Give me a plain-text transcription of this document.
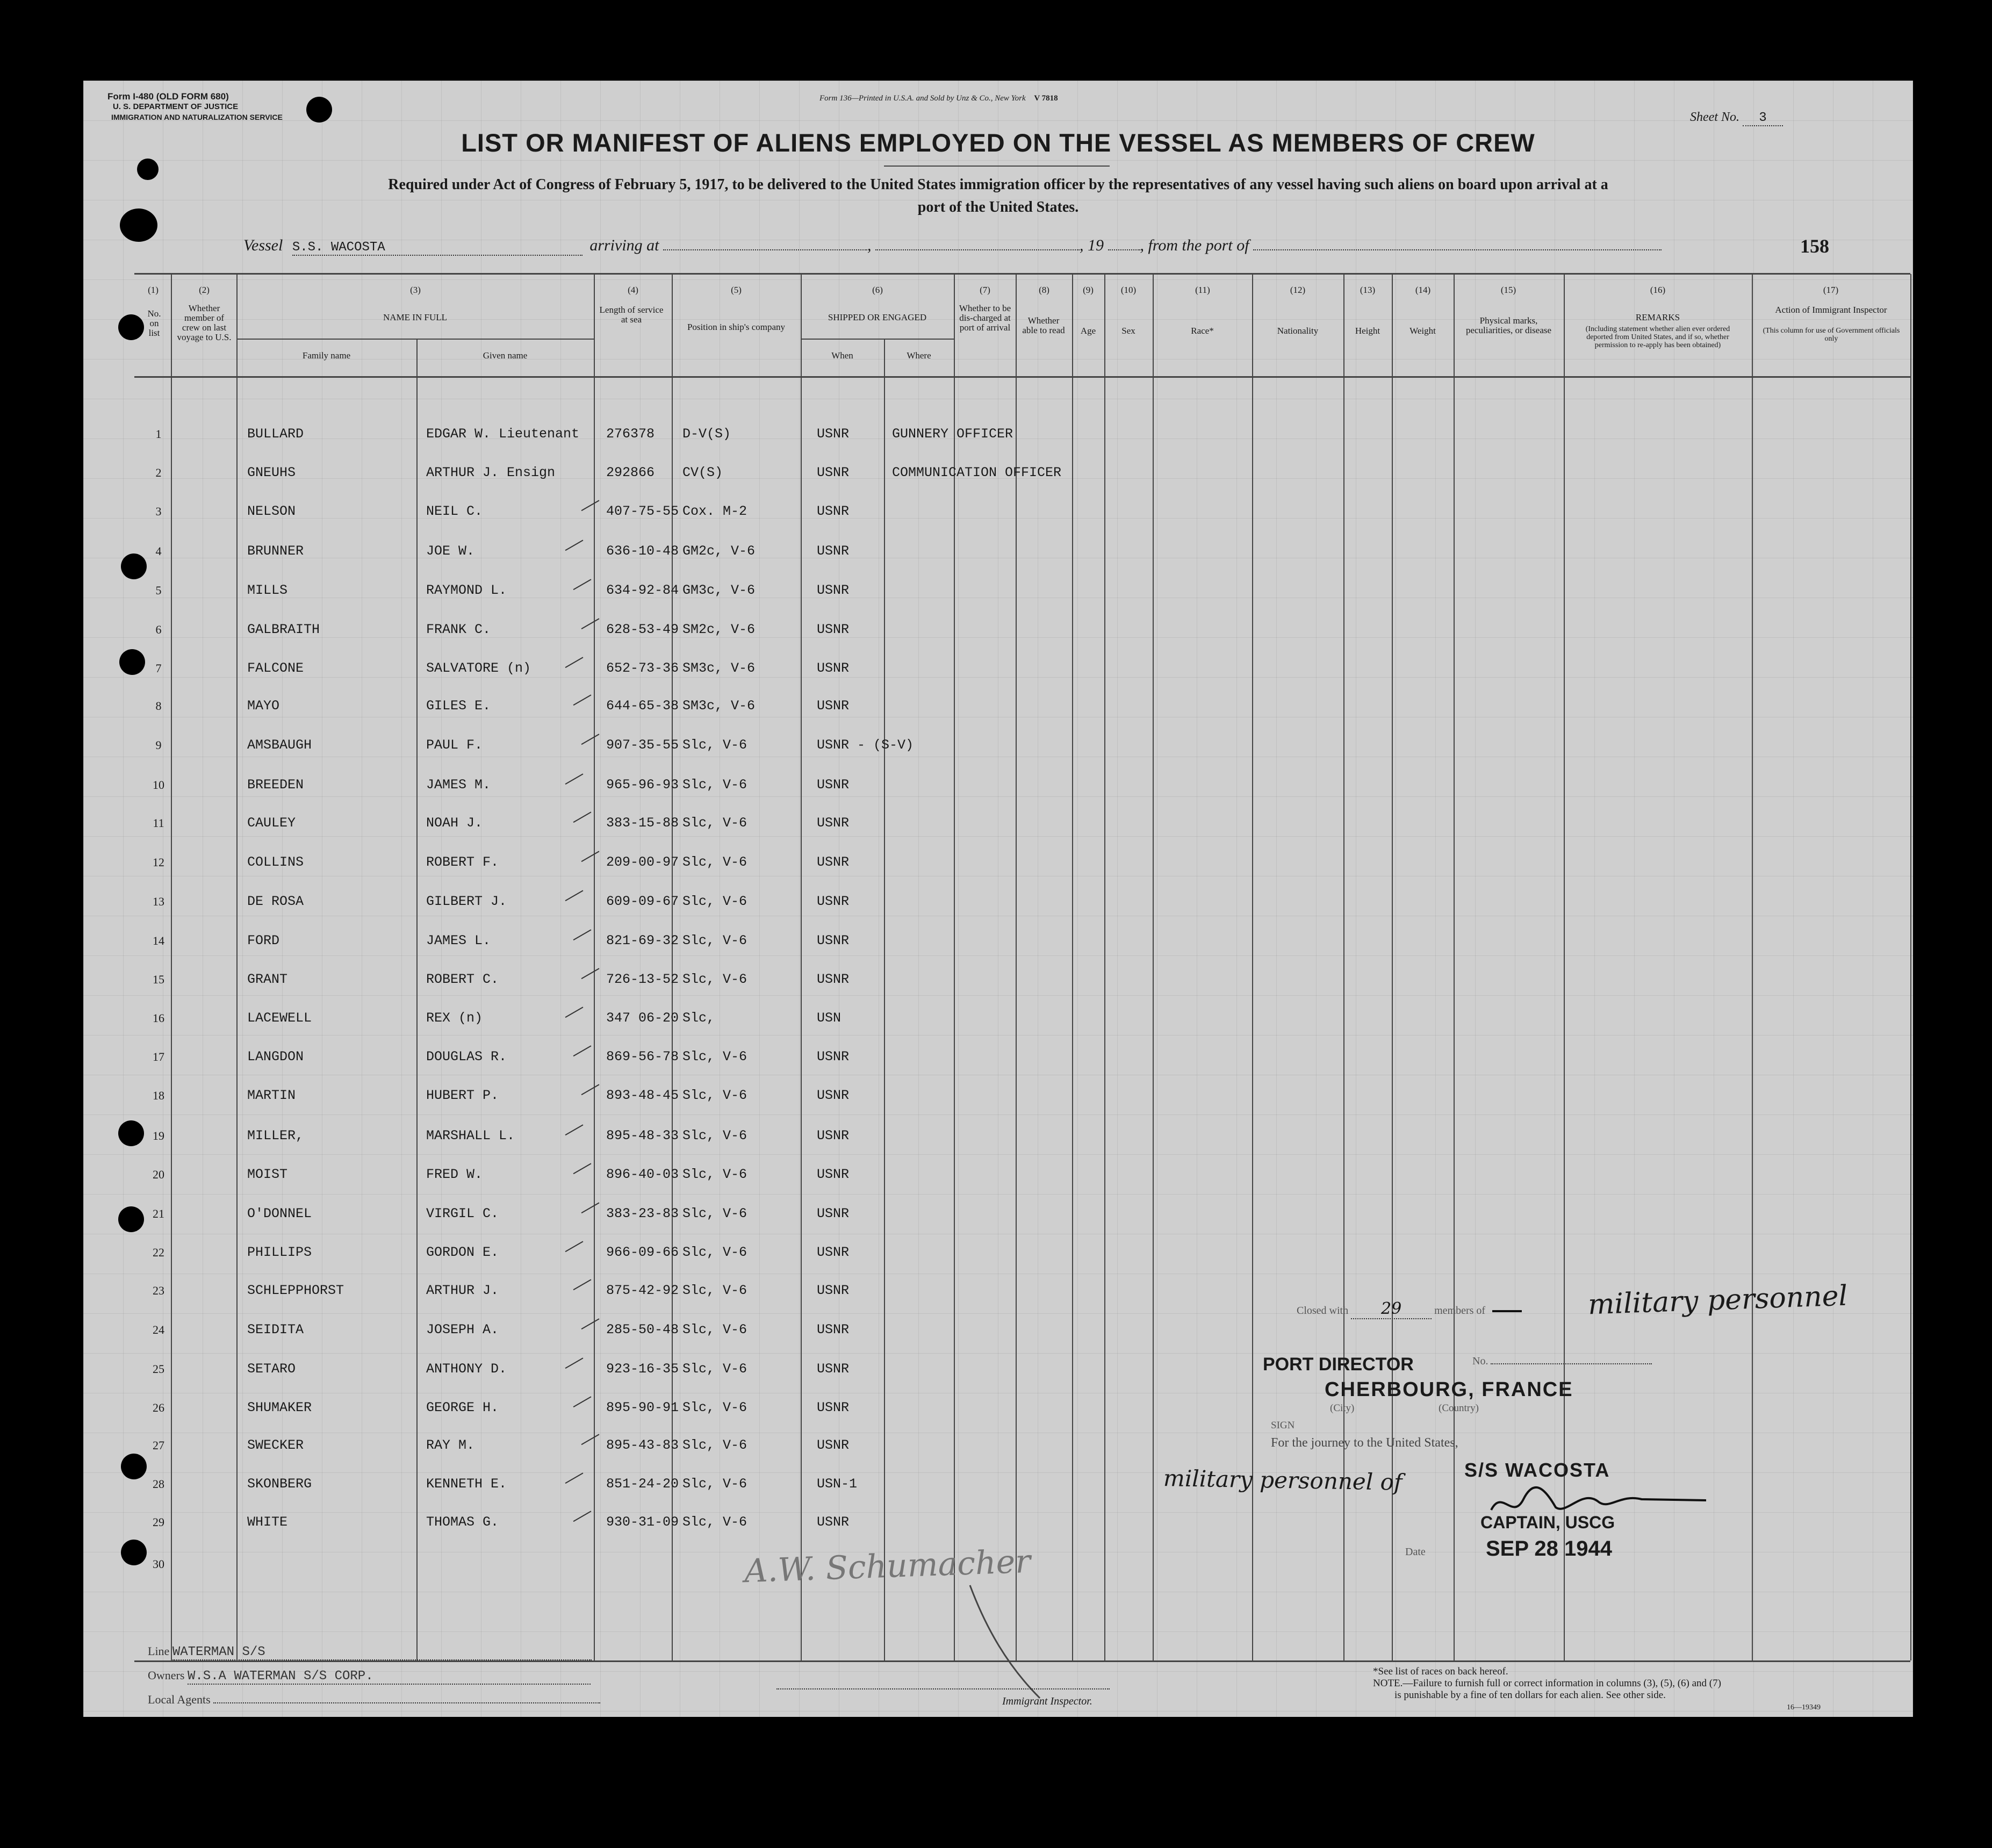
Form I-480 (OLD FORM 680)
U. S. DEPARTMENT OF JUSTICE
IMMIGRATION AND NATURALIZATION SERVICE
Form 136—Printed in U.S.A. and Sold by Unz & Co., New York V 7818
Sheet No. 3
LIST OR MANIFEST OF ALIENS EMPLOYED ON THE VESSEL AS MEMBERS OF CREW
Required under Act of Congress of February 5, 1917, to be delivered to the United States immigration officer by the representatives of any vessel having such aliens on board upon arrival at a
port of the United States.
Vessel S.S. WACOSTA	arriving at	,	, 19 , from the port of	158
(1)	(2)	(3)	(4)	(5)	(6)	(7)	(8)	(9)	(10)	(11)	(12)	(13)	(14)	(15)	(16)	(17)
No. on list
Whether member of crew on last voyage to U.S.
NAME IN FULL
Family name	Given name
Length of service at sea
Position in ship's company
SHIPPED OR ENGAGED
When	Where
Whether to be dis-charged at port of arrival
Whether able to read	Age	Sex	Race*	Nationality	Height	Weight
Physical marks, peculiarities, or disease
REMARKS
(Including statement whether alien ever ordered deported from United States, and if so, whether permission to re-apply has been obtained)
Action of Immigrant Inspector
(This column for use of Government officials only
1	BULLARD	EDGAR W. Lieutenant 276378 D-V(S)	USNR	GUNNERY OFFICER
2	GNEUHS	ARTHUR J. Ensign	292866 CV(S)	USNR	COMMUNICATION OFFICER
3	NELSON	NEIL C.	407-75-55 Cox. M-2	USNR
4	BRUNNER	JOE W.	636-10-48 GM2c, V-6	USNR
5	MILLS	RAYMOND L.	634-92-84 GM3c, V-6	USNR
6	GALBRAITH	FRANK C.	628-53-49 SM2c, V-6	USNR
7	FALCONE	SALVATORE (n)	652-73-36 SM3c, V-6	USNR
8	MAYO	GILES E.	644-65-38 SM3c, V-6	USNR
9	AMSBAUGH	PAUL F.	907-35-55 Slc, V-6	USNR - (S-V)
10	BREEDEN	JAMES M.	965-96-93 Slc, V-6	USNR
11	CAULEY	NOAH J.	383-15-88 Slc, V-6	USNR
12	COLLINS	ROBERT F.	209-00-97 Slc, V-6	USNR
13	DE ROSA	GILBERT J.	609-09-67 Slc, V-6	USNR
14	FORD	JAMES L.	821-69-32 Slc, V-6	USNR
15	GRANT	ROBERT C.	726-13-52 Slc, V-6	USNR
16	LACEWELL	REX (n)	347 06-20 Slc,	USN
17	LANGDON	DOUGLAS R.	869-56-78 Slc, V-6	USNR
18	MARTIN	HUBERT P.	893-48-45 Slc, V-6	USNR
19	MILLER,	MARSHALL L.	895-48-33 Slc, V-6	USNR
20	MOIST	FRED W.	896-40-03 Slc, V-6	USNR
21	O'DONNEL	VIRGIL C.	383-23-83 Slc, V-6	USNR
22	PHILLIPS	GORDON E.	966-09-66 Slc, V-6	USNR
23	SCHLEPPHORST	ARTHUR J.	875-42-92 Slc, V-6	USNR
24	SEIDITA	JOSEPH A.	285-50-48 Slc, V-6	USNR
25	SETARO	ANTHONY D.	923-16-35 Slc, V-6	USNR
26	SHUMAKER	GEORGE H.	895-90-91 Slc, V-6	USNR
27	SWECKER	RAY M.	895-43-83 Slc, V-6	USNR
28	SKONBERG	KENNETH E.	851-24-20 Slc, V-6	USN-1
29	WHITE	THOMAS G.	930-31-09 Slc, V-6	USNR
30
Closed with 29	members of	military personnel
PORT DIRECTOR	No.
CHERBOURG, FRANCE
(City)	(Country)
SIGN
For the journey to the United States,
military personnel of	S/S WACOSTA
CAPTAIN, USCG
Date	SEP 28 1944
A.W. Schumacher
Line WATERMAN S/S
Owners W.S.A WATERMAN S/S CORP.
Local Agents	Immigrant Inspector.
*See list of races on back hereof.
NOTE.—Failure to furnish full or correct information in columns (3), (5), (6) and (7)
is punishable by a fine of ten dollars for each alien. See other side.
16—19349
